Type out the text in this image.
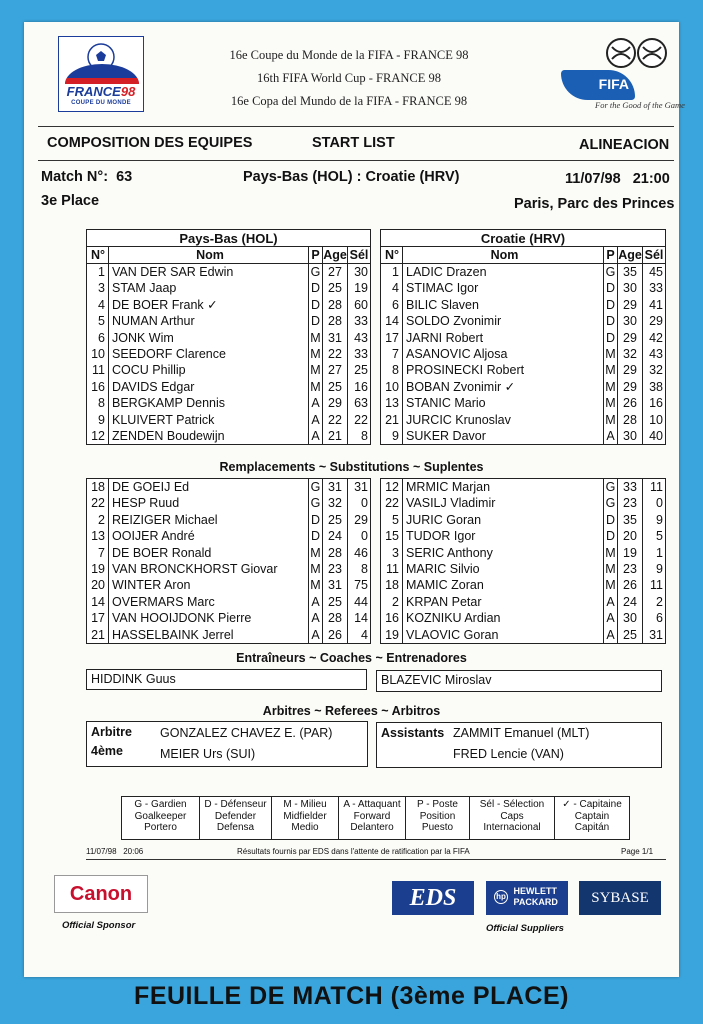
FRANCE98
COUPE DU MONDE
16e Coupe du Monde de la FIFA - FRANCE 98
16th FIFA World Cup - FRANCE 98
16e Copa del Mundo de la FIFA - FRANCE 98
FIFA
For the Good of the Game
COMPOSITION DES EQUIPES	START LIST	ALINEACION
Match N°: 63	Pays-Bas (HOL) : Croatie (HRV)	11/07/98   21:00
3e Place	Paris, Parc des Princes
Pays-Bas (HOL)
N°	Nom	P Age Sél
1 VAN DER SAR Edwin	G 27 30
3 STAM Jaap	D 25 19
4 DE BOER Frank ✓	D 28 60
5 NUMAN Arthur	D 28 33
6 JONK Wim	M 31 43
10 SEEDORF Clarence	M 22 33
11 COCU Phillip	M 27 25
16 DAVIDS Edgar	M 25 16
8 BERGKAMP Dennis	A 29 63
9 KLUIVERT Patrick	A 22 22
12 ZENDEN Boudewijn	A 21	8
Croatie (HRV)
N°	Nom	P Age Sél
1 LADIC Drazen	G 35 45
4 STIMAC Igor	D 30 33
6 BILIC Slaven	D 29 41
14 SOLDO Zvonimir	D 30 29
17 JARNI Robert	D 29 42
7 ASANOVIC Aljosa	M 32 43
8 PROSINECKI Robert	M 29 32
10 BOBAN Zvonimir ✓	M 29 38
13 STANIC Mario	M 26 16
21 JURCIC Krunoslav	M 28 10
9 SUKER Davor	A 30 40
Remplacements ~ Substitutions ~ Suplentes
18 DE GOEIJ Ed	G 31 31
22 HESP Ruud	G 32	0
2 REIZIGER Michael	D 25 29
13 OOIJER André	D 24	0
7 DE BOER Ronald	M 28 46
19 VAN BRONCKHORST Giovar	M 23	8
20 WINTER Aron	M 31 75
14 OVERMARS Marc	A 25 44
17 VAN HOOIJDONK Pierre	A 28 14
21 HASSELBAINK Jerrel	A 26	4
12 MRMIC Marjan	G 33	11
22 VASILJ Vladimir	G 23	0
5 JURIC Goran	D 35	9
15 TUDOR Igor	D 20	5
3 SERIC Anthony	M 19	1
11 MARIC Silvio	M 23	9
18 MAMIC Zoran	M 26	11
2 KRPAN Petar	A 24	2
16 KOZNIKU Ardian	A 30	6
19 VLAOVIC Goran	A 25 31
Entraîneurs ~ Coaches ~ Entrenadores
HIDDINK Guus	BLAZEVIC Miroslav
Arbitres ~ Referees ~ Arbitros
Arbitre GONZALEZ CHAVEZ E. (PAR)
4ème	MEIER Urs (SUI)
Assistants ZAMMIT Emanuel (MLT)
FRED Lencie (VAN)
G - Gardien
Goalkeeper
Portero
D - Défenseur
Defender
Defensa
M - Milieu
Midfielder
Medio
A - Attaquant
Forward
Delantero
P - Poste
Position
Puesto
Sél - Sélection
Caps
Internacional
✓ - Capitaine
Captain
Capitán
11/07/98   20:06	Résultats fournis par EDS dans l'attente de ratification par la FIFA	Page 1/1
Canon
Official Sponsor
EDS	hp
HEWLETT
PACKARD	SYBASE
Official Suppliers
FEUILLE DE MATCH (3ème PLACE)
